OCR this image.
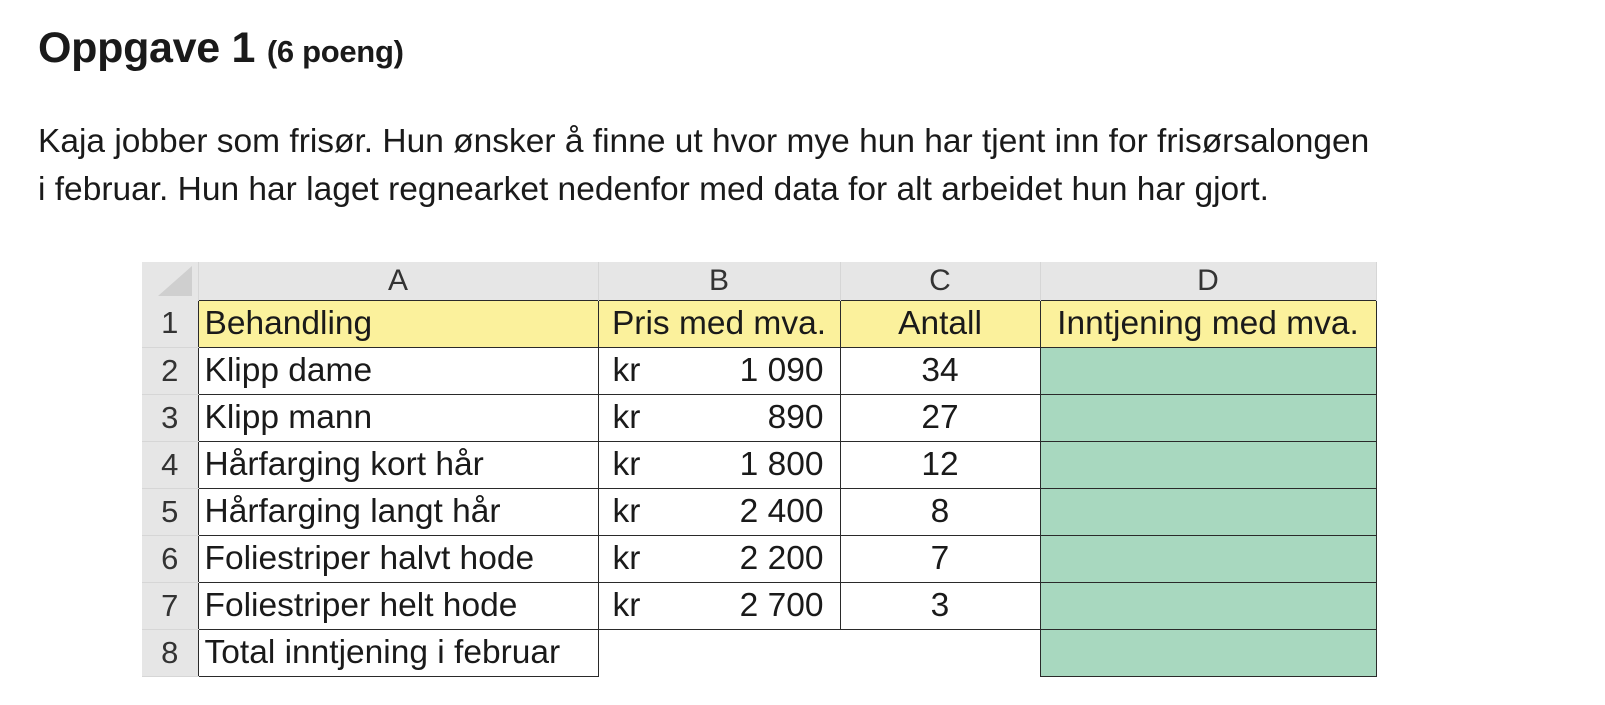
Oppgave 1 (6 poeng)

Kaja jobber som frisør. Hun ønsker å finne ut hvor mye hun har tjent inn for frisørsalongen

i februar. Hun har laget regnearket nedenfor med data for alt arbeidet hun har gjort.

	A	B	C	D
1	Behandling	Pris med mva.	Antall	Inntjening med mva.
2	Klipp dame	kr 1 090	34	
3	Klipp mann	kr 890	27	
4	Hårfarging kort hår	kr 1 800	12	
5	Hårfarging langt hår	kr 2 400	8	
6	Foliestriper halvt hode	kr 2 200	7	
7	Foliestriper helt hode	kr 2 700	3	
8	Total inntjening i februar			
